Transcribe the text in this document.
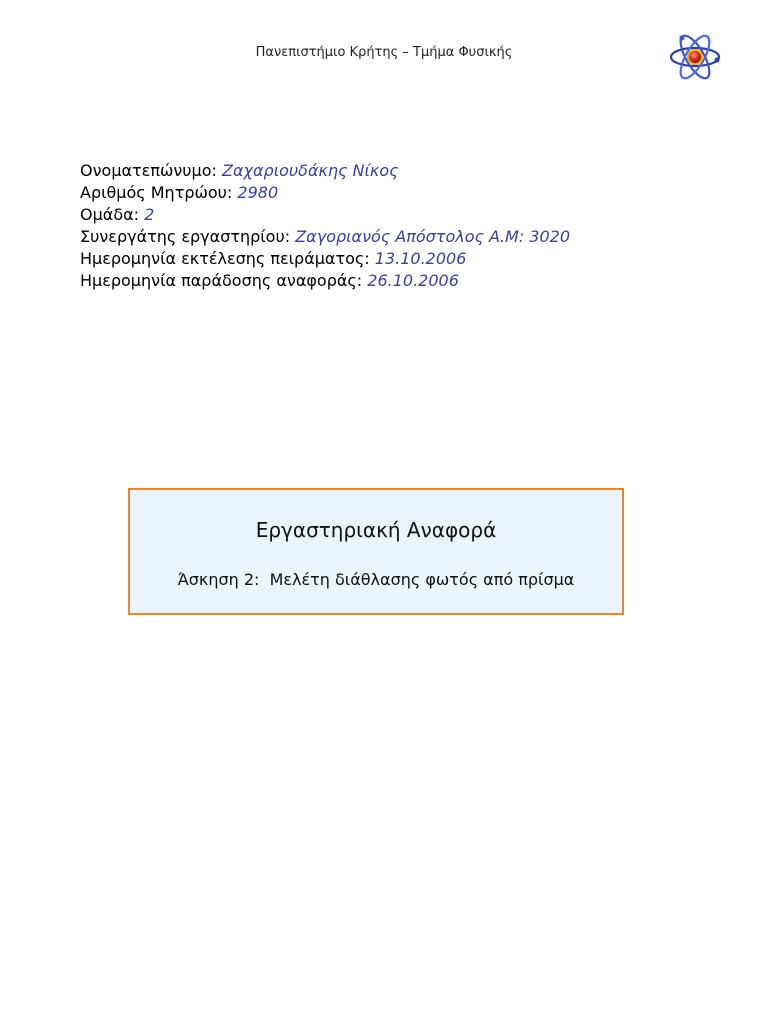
Πανεπιστήμιο Κρήτης – Τμήμα Φυσικής
Ονοματεπώνυμο: Ζαχαριουδάκης Νίκος
Αριθμός Μητρώου: 2980
Ομάδα: 2
Συνεργάτης εργαστηρίου: Ζαγοριανός Απόστολος Α.Μ: 3020
Ημερομηνία εκτέλεσης πειράματος: 13.10.2006
Ημερομηνία παράδοσης αναφοράς: 26.10.2006
Εργαστηριακή Αναφορά
Άσκηση 2:  Μελέτη διάθλασης φωτός από πρίσμα
